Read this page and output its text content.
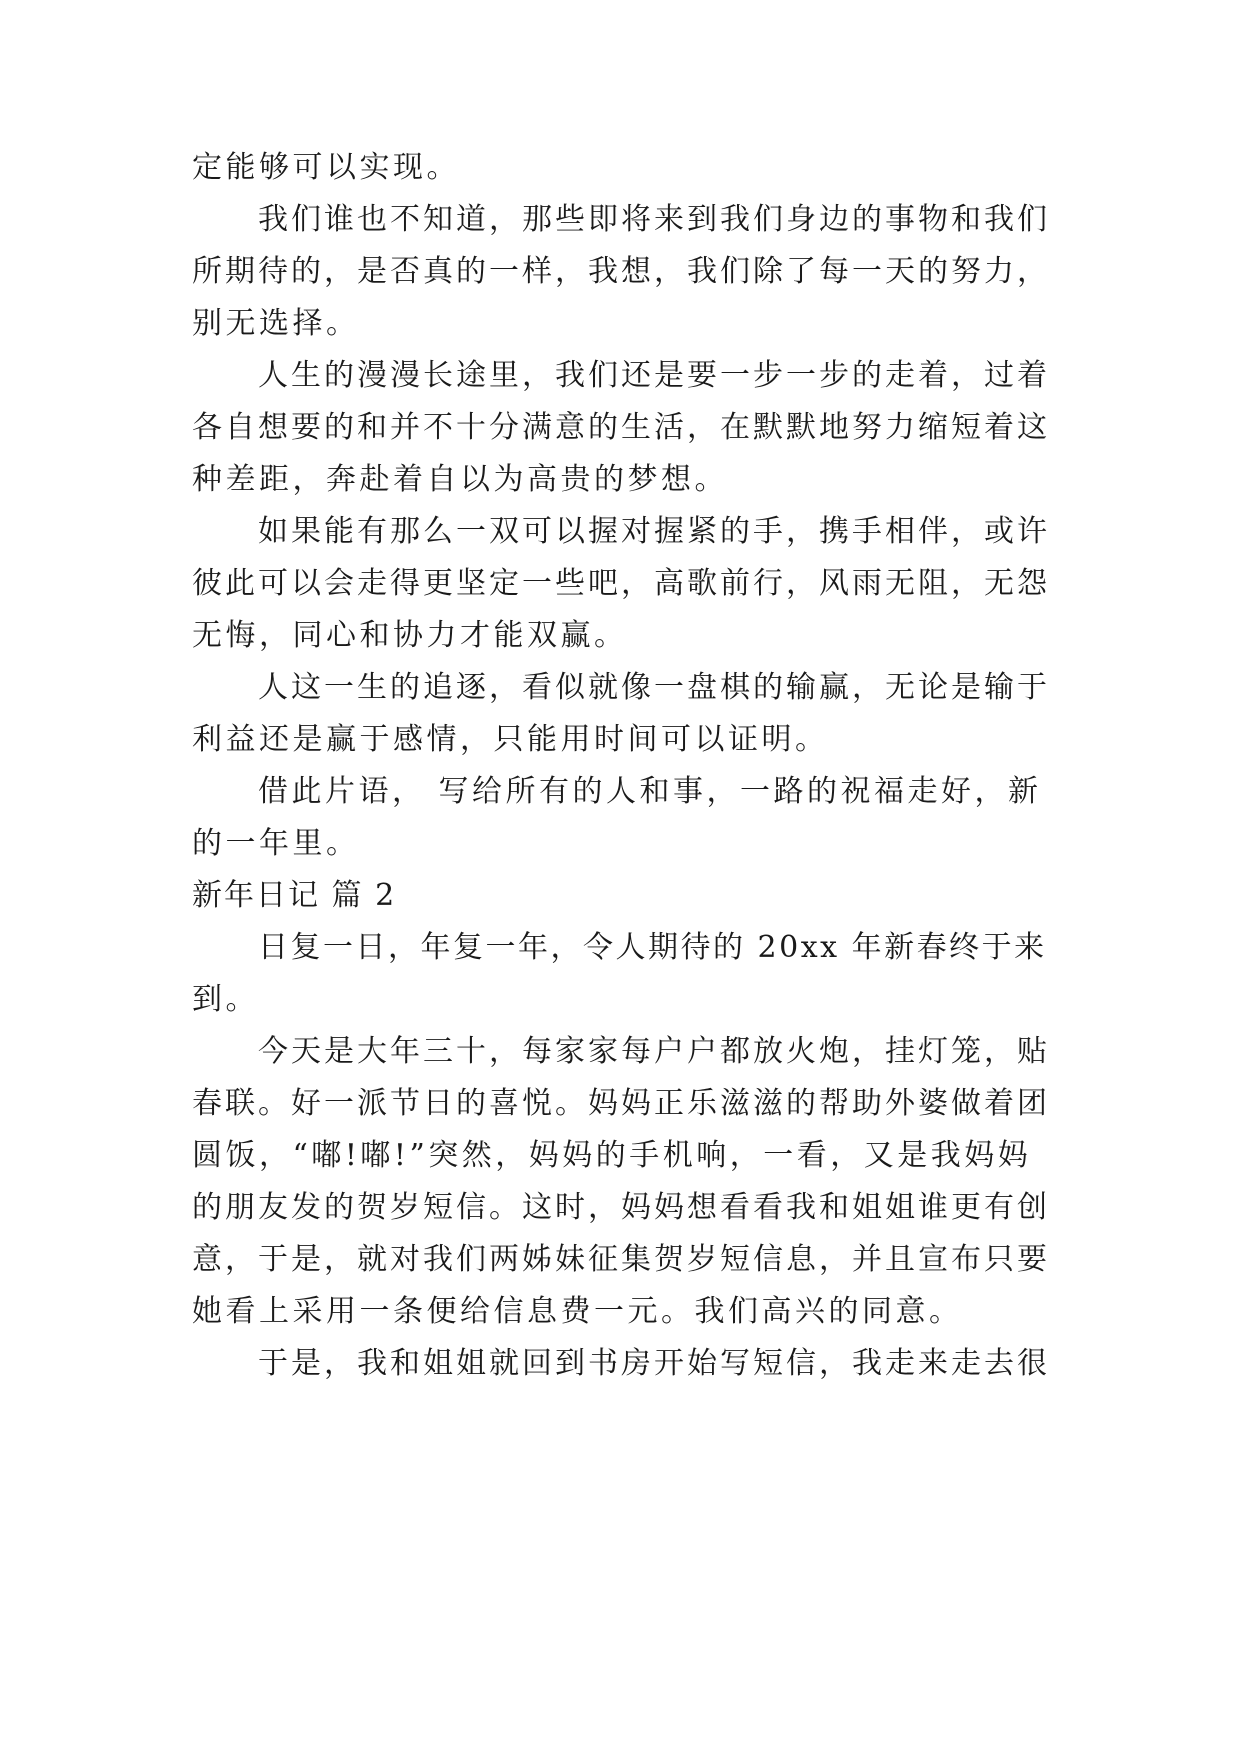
定能够可以实现。
我们谁也不知道，那些即将来到我们身边的事物和我们
所期待的，是否真的一样，我想，我们除了每一天的努力，
别无选择。
人生的漫漫长途里，我们还是要一步一步的走着，过着
各自想要的和并不十分满意的生活，在默默地努力缩短着这
种差距，奔赴着自以为高贵的梦想。
如果能有那么一双可以握对握紧的手，携手相伴，或许
彼此可以会走得更坚定一些吧，高歌前行，风雨无阻，无怨
无悔，同心和协力才能双赢。
人这一生的追逐，看似就像一盘棋的输赢，无论是输于
利益还是赢于感情，只能用时间可以证明。
借此片语， 写给所有的人和事，一路的祝福走好，新
的一年里。
新年日记 篇 2
日复一日，年复一年，令人期待的 20xx 年新春终于来
到。
今天是大年三十，每家家每户户都放火炮，挂灯笼，贴
春联。好一派节日的喜悦。妈妈正乐滋滋的帮助外婆做着团
圆饭，“嘟!嘟!”突然，妈妈的手机响，一看，又是我妈妈
的朋友发的贺岁短信。这时，妈妈想看看我和姐姐谁更有创
意，于是，就对我们两姊妹征集贺岁短信息，并且宣布只要
她看上采用一条便给信息费一元。我们高兴的同意。
于是，我和姐姐就回到书房开始写短信，我走来走去很
